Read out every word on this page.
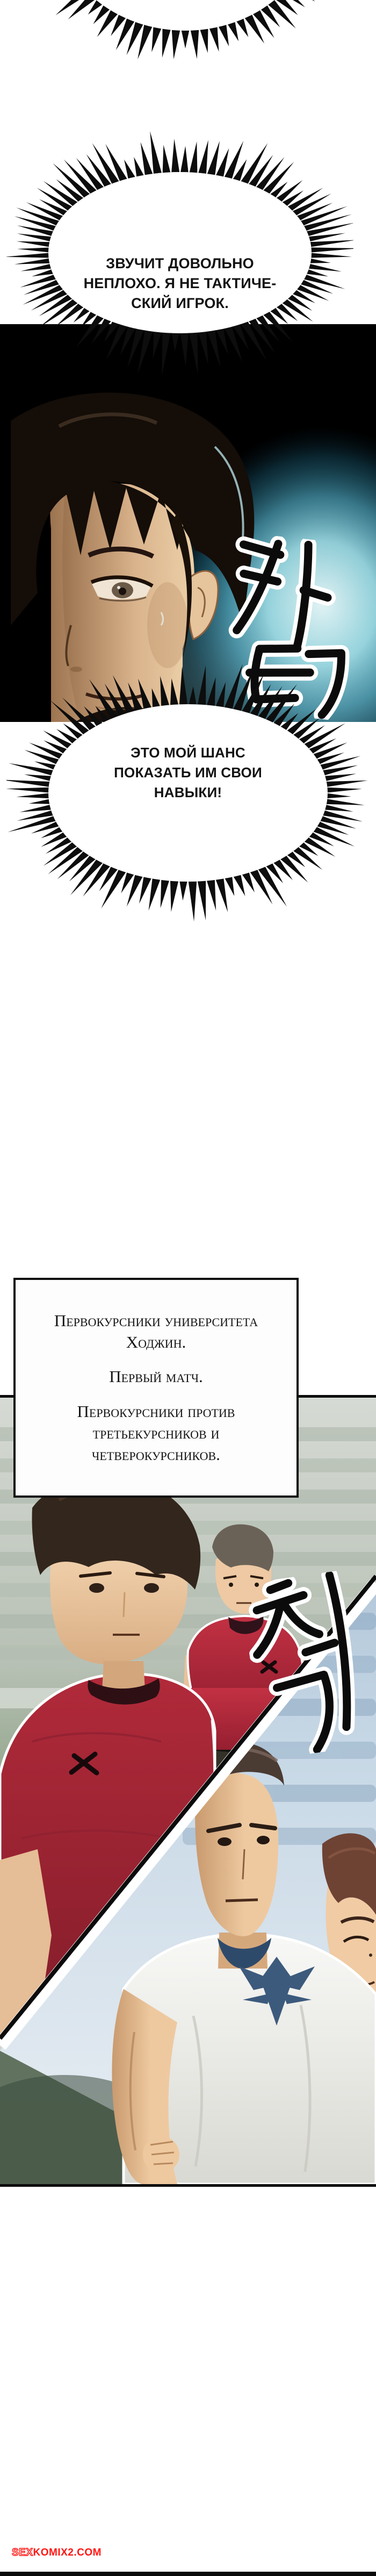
ЗВУЧИТ ДОВОЛЬНО
НЕПЛОХО. Я НЕ ТАКТИЧЕ-
СКИЙ ИГРОК.
ЭТО МОЙ ШАНС
ПОКАЗАТЬ ИМ СВОИ
НАВЫКИ!

Первокурсники университета Ходжин.

Первый матч.

Первокурсники против третьекурсников и четверокурсников.

SEXKOMIX2.COM
